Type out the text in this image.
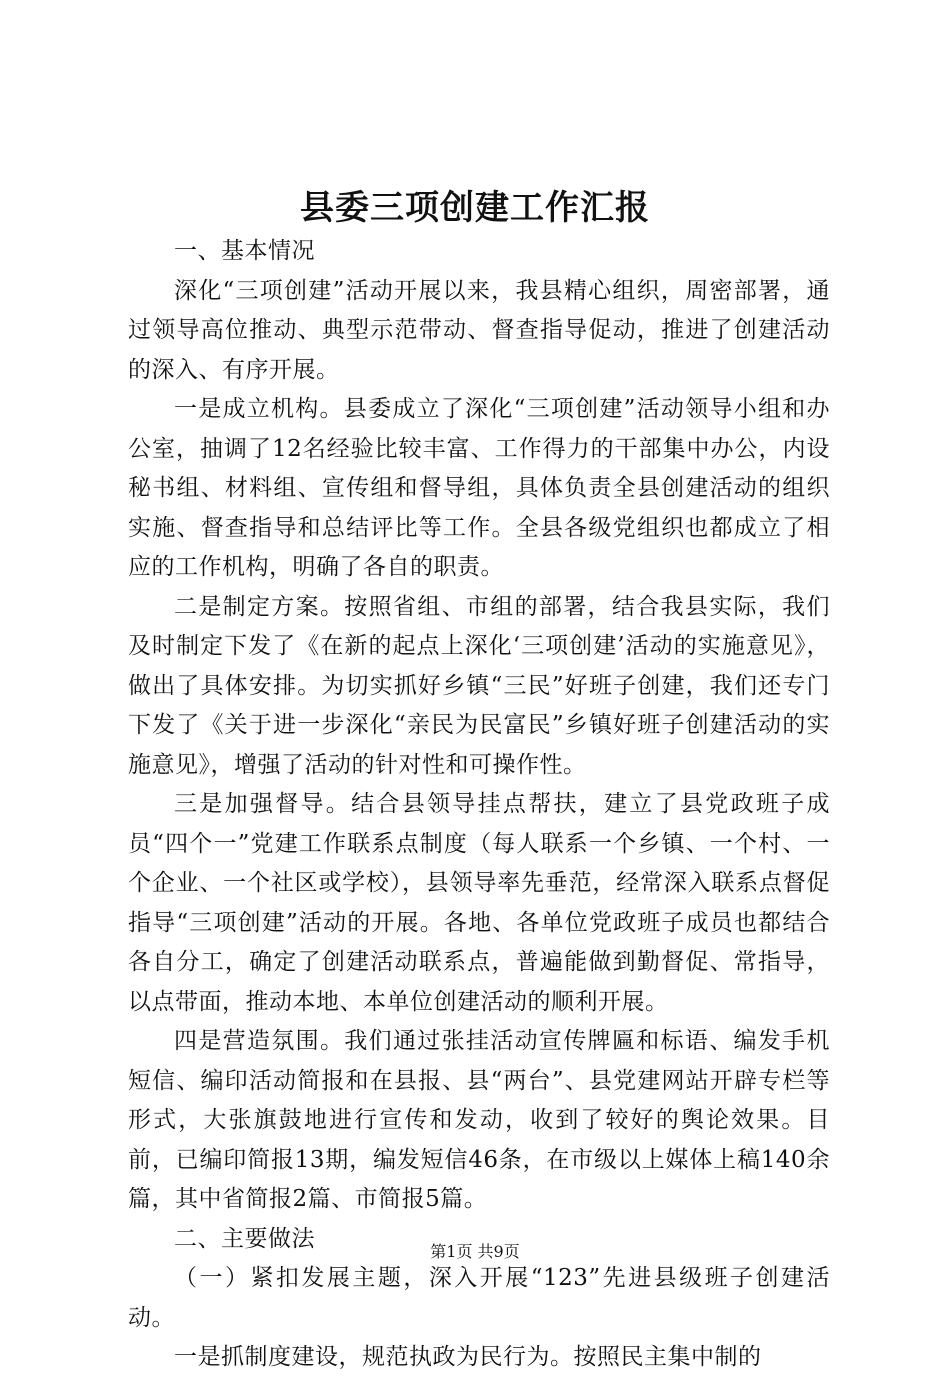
县委三项创建工作汇报

一、基本情况

深化“三项创建”活动开展以来，我县精心组织，周密部署，通过领导高位推动、典型示范带动、督查指导促动，推进了创建活动的深入、有序开展。

一是成立机构。县委成立了深化“三项创建”活动领导小组和办公室，抽调了12名经验比较丰富、工作得力的干部集中办公，内设秘书组、材料组、宣传组和督导组，具体负责全县创建活动的组织实施、督查指导和总结评比等工作。全县各级党组织也都成立了相应的工作机构，明确了各自的职责。

二是制定方案。按照省组、市组的部署，结合我县实际，我们及时制定下发了《在新的起点上深化‘三项创建’活动的实施意见》，做出了具体安排。为切实抓好乡镇“三民”好班子创建，我们还专门下发了《关于进一步深化“亲民为民富民”乡镇好班子创建活动的实施意见》，增强了活动的针对性和可操作性。

三是加强督导。结合县领导挂点帮扶，建立了县党政班子成员“四个一”党建工作联系点制度（每人联系一个乡镇、一个村、一个企业、一个社区或学校），县领导率先垂范，经常深入联系点督促指导“三项创建”活动的开展。各地、各单位党政班子成员也都结合各自分工，确定了创建活动联系点，普遍能做到勤督促、常指导，以点带面，推动本地、本单位创建活动的顺利开展。

四是营造氛围。我们通过张挂活动宣传牌匾和标语、编发手机短信、编印活动简报和在县报、县“两台”、县党建网站开辟专栏等形式，大张旗鼓地进行宣传和发动，收到了较好的舆论效果。目前，已编印简报13期，编发短信46条，在市级以上媒体上稿140余篇，其中省简报2篇、市简报5篇。

二、主要做法

（一）紧扣发展主题，深入开展“123”先进县级班子创建活动。

一是抓制度建设，规范执政为民行为。按照民主集中制的

第1页 共9页
